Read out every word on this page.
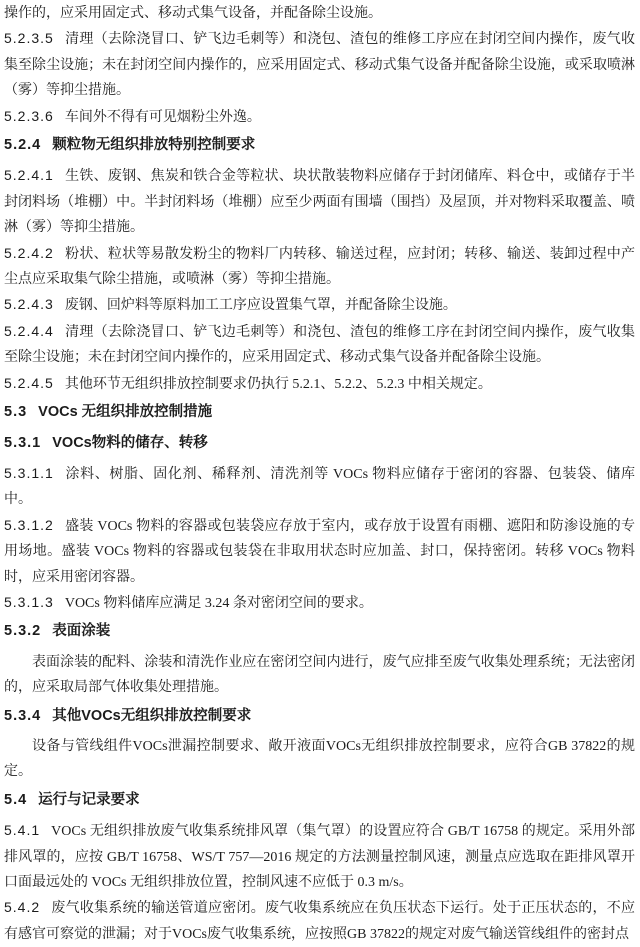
操作的，应采用固定式、移动式集气设备，并配备除尘设施。
5.2.3.5 清理（去除浇冒口、铲飞边毛刺等）和浇包、渣包的维修工序应在封闭空间内操作，废气收集至除尘设施；未在封闭空间内操作的，应采用固定式、移动式集气设备并配备除尘设施，或采取喷淋（雾）等抑尘措施。
5.2.3.6 车间外不得有可见烟粉尘外逸。
5.2.4 颗粒物无组织排放特别控制要求
5.2.4.1 生铁、废钢、焦炭和铁合金等粒状、块状散装物料应储存于封闭储库、料仓中，或储存于半封闭料场（堆棚）中。半封闭料场（堆棚）应至少两面有围墙（围挡）及屋顶，并对物料采取覆盖、喷淋（雾）等抑尘措施。
5.2.4.2 粉状、粒状等易散发粉尘的物料厂内转移、输送过程，应封闭；转移、输送、装卸过程中产尘点应采取集气除尘措施，或喷淋（雾）等抑尘措施。
5.2.4.3 废钢、回炉料等原料加工工序应设置集气罩，并配备除尘设施。
5.2.4.4 清理（去除浇冒口、铲飞边毛刺等）和浇包、渣包的维修工序在封闭空间内操作，废气收集至除尘设施；未在封闭空间内操作的，应采用固定式、移动式集气设备并配备除尘设施。
5.2.4.5 其他环节无组织排放控制要求仍执行 5.2.1、5.2.2、5.2.3 中相关规定。
5.3 VOCs 无组织排放控制措施
5.3.1 VOCs物料的储存、转移
5.3.1.1 涂料、树脂、固化剂、稀释剂、清洗剂等 VOCs 物料应储存于密闭的容器、包装袋、储库中。
5.3.1.2 盛装 VOCs 物料的容器或包装袋应存放于室内，或存放于设置有雨棚、遮阳和防渗设施的专用场地。盛装 VOCs 物料的容器或包装袋在非取用状态时应加盖、封口，保持密闭。转移 VOCs 物料时，应采用密闭容器。
5.3.1.3 VOCs 物料储库应满足 3.24 条对密闭空间的要求。
5.3.2 表面涂装
表面涂装的配料、涂装和清洗作业应在密闭空间内进行，废气应排至废气收集处理系统；无法密闭的，应采取局部气体收集处理措施。
5.3.4 其他VOCs无组织排放控制要求
设备与管线组件VOCs泄漏控制要求、敞开液面VOCs无组织排放控制要求，应符合GB 37822的规定。
5.4 运行与记录要求
5.4.1 VOCs 无组织排放废气收集系统排风罩（集气罩）的设置应符合 GB/T 16758 的规定。采用外部排风罩的，应按 GB/T 16758、WS/T 757—2016 规定的方法测量控制风速，测量点应选取在距排风罩开口面最远处的 VOCs 无组织排放位置，控制风速不应低于 0.3 m/s。
5.4.2 废气收集系统的输送管道应密闭。废气收集系统应在负压状态下运行。处于正压状态的，不应有感官可察觉的泄漏；对于VOCs废气收集系统，应按照GB 37822的规定对废气输送管线组件的密封点
